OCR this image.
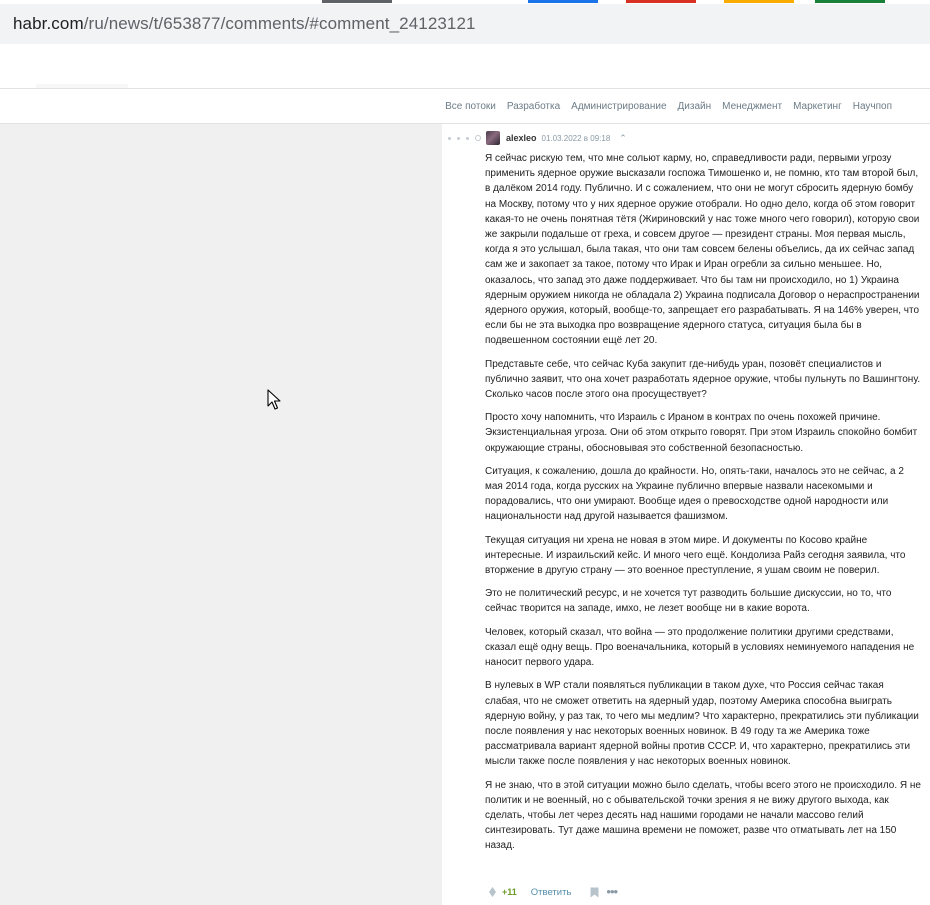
habr.com/ru/news/t/653877/comments/#comment_24123121
Все потоки Разработка Администрирование Дизайн Менеджмент Маркетинг Научпоп
alexleo 01.03.2022 в 09:18 ⌃

Я сейчас рискую тем, что мне сольют карму, но, справедливости ради, первыми угрозу применить ядерное оружие высказали госпожа Тимошенко и, не помню, кто там второй был, в далёком 2014 году. Публично. И с сожалением, что они не могут сбросить ядерную бомбу на Москву, потому что у них ядерное оружие отобрали. Но одно дело, когда об этом говорит какая-то не очень понятная тётя (Жириновский у нас тоже много чего говорил), которую свои же закрыли подальше от греха, и совсем другое — президент страны. Моя первая мысль, когда я это услышал, была такая, что они там совсем белены объелись, да их сейчас запад сам же и закопает за такое, потому что Ирак и Иран огребли за сильно меньшее. Но, оказалось, что запад это даже поддерживает. Что бы там ни происходило, но 1) Украина ядерным оружием никогда не обладала 2) Украина подписала Договор о нераспространении ядерного оружия, который, вообще-то, запрещает его разрабатывать. Я на 146% уверен, что если бы не эта выходка про возвращение ядерного статуса, ситуация была бы в подвешенном состоянии ещё лет 20.

Представьте себе, что сейчас Куба закупит где-нибудь уран, позовёт специалистов и публично заявит, что она хочет разработать ядерное оружие, чтобы пульнуть по Вашингтону. Сколько часов после этого она просуществует?

Просто хочу напомнить, что Израиль с Ираном в контрах по очень похожей причине. Экзистенциальная угроза. Они об этом открыто говорят. При этом Израиль спокойно бомбит окружающие страны, обосновывая это собственной безопасностью.

Ситуация, к сожалению, дошла до крайности. Но, опять-таки, началось это не сейчас, а 2 мая 2014 года, когда русских на Украине публично впервые назвали насекомыми и порадовались, что они умирают. Вообще идея о превосходстве одной народности или национальности над другой называется фашизмом.

Текущая ситуация ни хрена не новая в этом мире. И документы по Косово крайне интересные. И израильский кейс. И много чего ещё. Кондолиза Райз сегодня заявила, что вторжение в другую страну — это военное преступление, я ушам своим не поверил.

Это не политический ресурс, и не хочется тут разводить большие дискуссии, но то, что сейчас творится на западе, имхо, не лезет вообще ни в какие ворота.

Человек, который сказал, что война — это продолжение политики другими средствами, сказал ещё одну вещь. Про военачальника, который в условиях неминуемого нападения не наносит первого удара.

В нулевых в WP стали появляться публикации в таком духе, что Россия сейчас такая слабая, что не сможет ответить на ядерный удар, поэтому Америка способна выиграть ядерную войну, у раз так, то чего мы медлим? Что характерно, прекратились эти публикации после появления у нас некоторых военных новинок. В 49 году та же Америка тоже рассматривала вариант ядерной войны против СССР. И, что характерно, прекратились эти мысли также после появления у нас некоторых военных новинок.

Я не знаю, что в этой ситуации можно было сделать, чтобы всего этого не происходило. Я не политик и не военный, но с обывательской точки зрения я не вижу другого выхода, как сделать, чтобы лет через десять над нашими городами не начали массово гелий синтезировать. Тут даже машина времени не поможет, разве что отматывать лет на 150 назад.

+11 Ответить	•••
